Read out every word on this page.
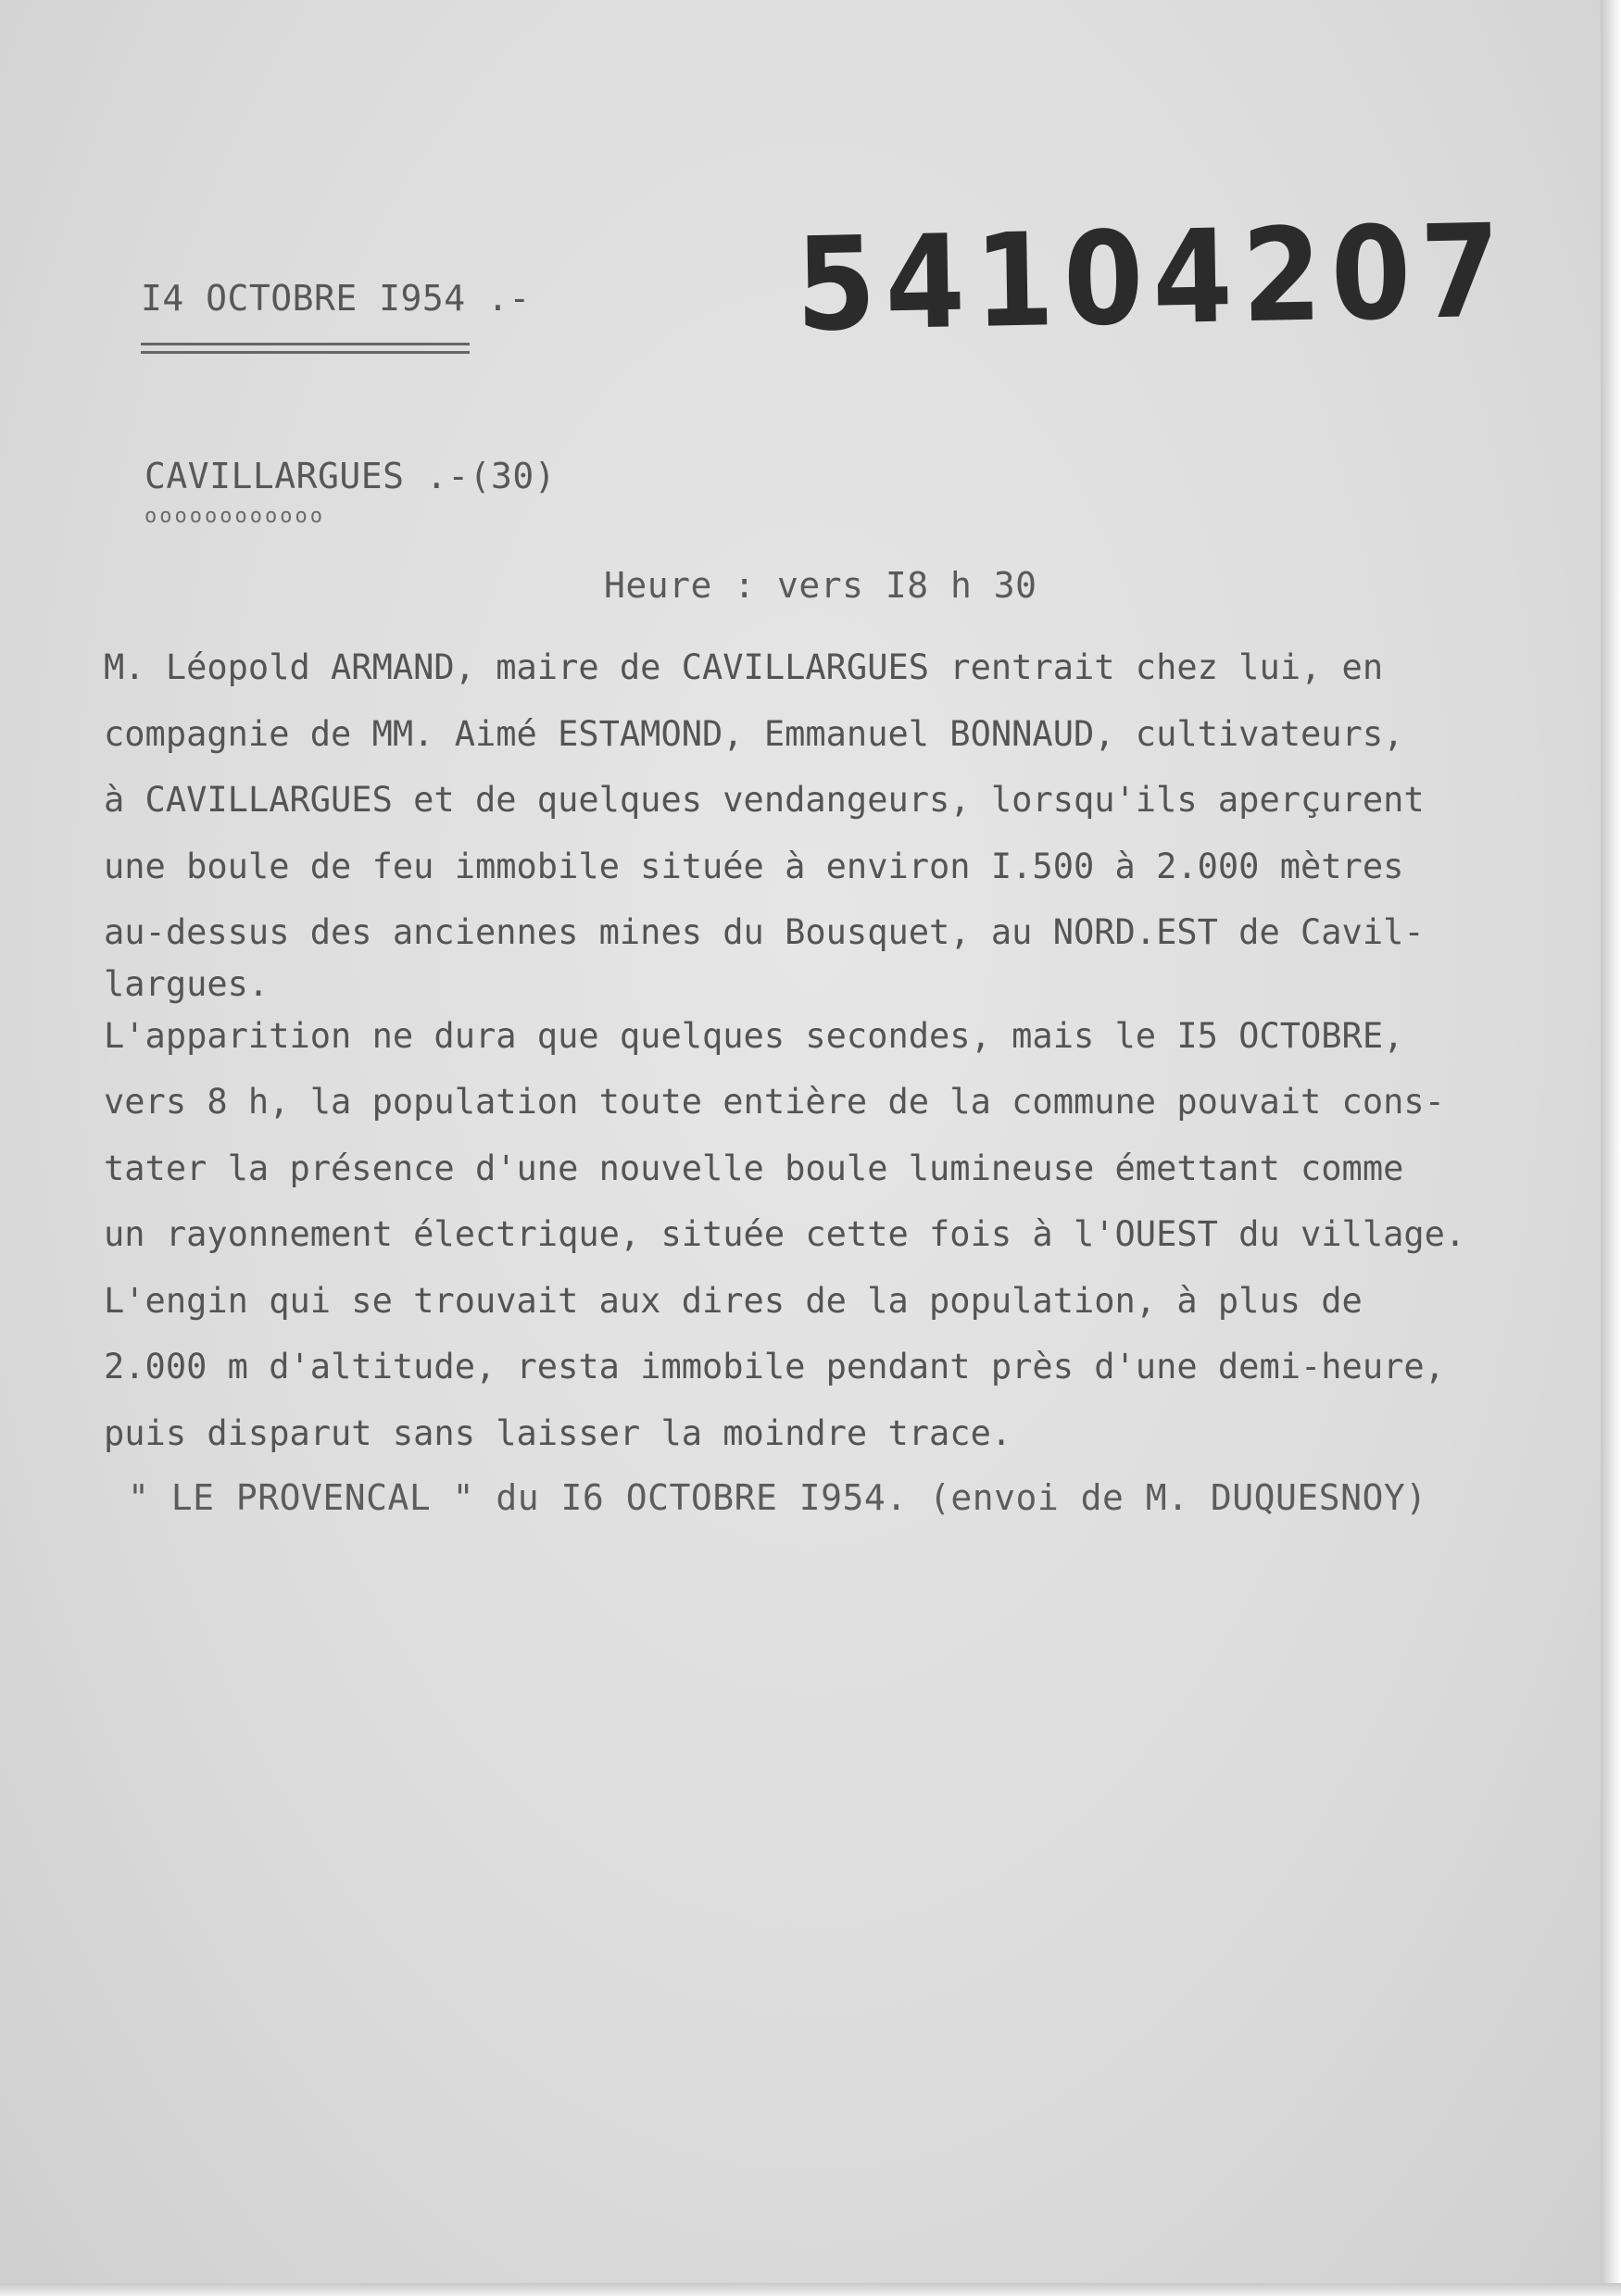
I4 OCTOBRE I954 .- 54104207
CAVILLARGUES .-(30)
oooooooooooo
Heure : vers I8 h 30
M. Léopold ARMAND, maire de CAVILLARGUES rentrait chez lui, en
compagnie de MM. Aimé ESTAMOND, Emmanuel BONNAUD, cultivateurs,
à CAVILLARGUES et de quelques vendangeurs, lorsqu'ils aperçurent
une boule de feu immobile située à environ I.500 à 2.000 mètres
au-dessus des anciennes mines du Bousquet, au NORD.EST de Cavil-
largues.
L'apparition ne dura que quelques secondes, mais le I5 OCTOBRE,
vers 8 h, la population toute entière de la commune pouvait cons-
tater la présence d'une nouvelle boule lumineuse émettant comme
un rayonnement électrique, située cette fois à l'OUEST du village.
L'engin qui se trouvait aux dires de la population, à plus de
2.000 m d'altitude, resta immobile pendant près d'une demi-heure,
puis disparut sans laisser la moindre trace.
" LE PROVENCAL " du I6 OCTOBRE I954. (envoi de M. DUQUESNOY)
